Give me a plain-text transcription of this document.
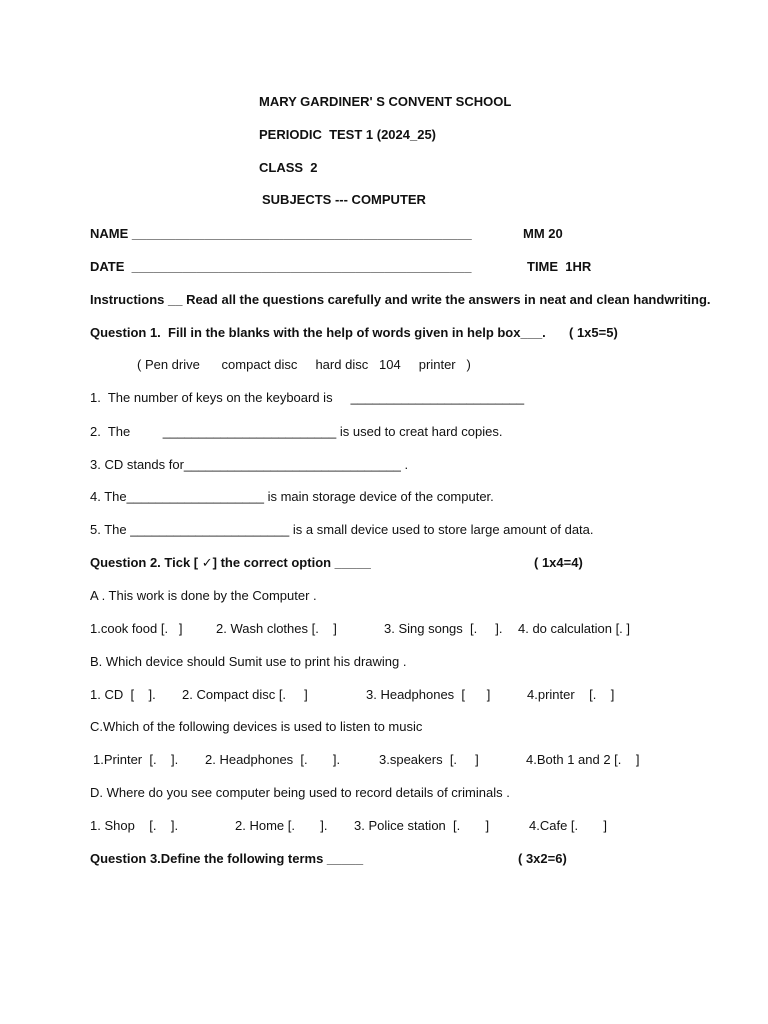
MARY GARDINER' S CONVENT SCHOOL
PERIODIC  TEST 1 (2024_25)
CLASS  2
SUBJECTS --- COMPUTER
NAME _______________________________________________	MM 20
DATE  _______________________________________________	TIME  1HR
Instructions __ Read all the questions carefully and write the answers in neat and clean handwriting.
Question 1.  Fill in the blanks with the help of words given in help box___. ( 1x5=5)
( Pen drive      compact disc     hard disc   104     printer   )
1.  The number of keys on the keyboard is     ________________________
2.  The         ________________________ is used to creat hard copies.
3. CD stands for______________________________ .
4. The___________________ is main storage device of the computer.
5. The ______________________ is a small device used to store large amount of data.
Question 2. Tick [ ✓] the correct option _____	( 1x4=4)
A . This work is done by the Computer .
1.cook food [.   ]	2. Wash clothes [.    ]	3. Sing songs  [.     ]. 4. do calculation [. ]
B. Which device should Sumit use to print his drawing .
1. CD  [    ]. 2. Compact disc [.     ]	3. Headphones  [      ]	4.printer    [.    ]
C.Which of the following devices is used to listen to music
1.Printer  [.    ]. 2. Headphones  [.       ].	3.speakers  [.     ]	4.Both 1 and 2 [.    ]
D. Where do you see computer being used to record details of criminals .
1. Shop    [.    ].	2. Home [.       ]. 3. Police station  [.       ]	4.Cafe [.       ]
Question 3.Define the following terms _____	( 3x2=6)
